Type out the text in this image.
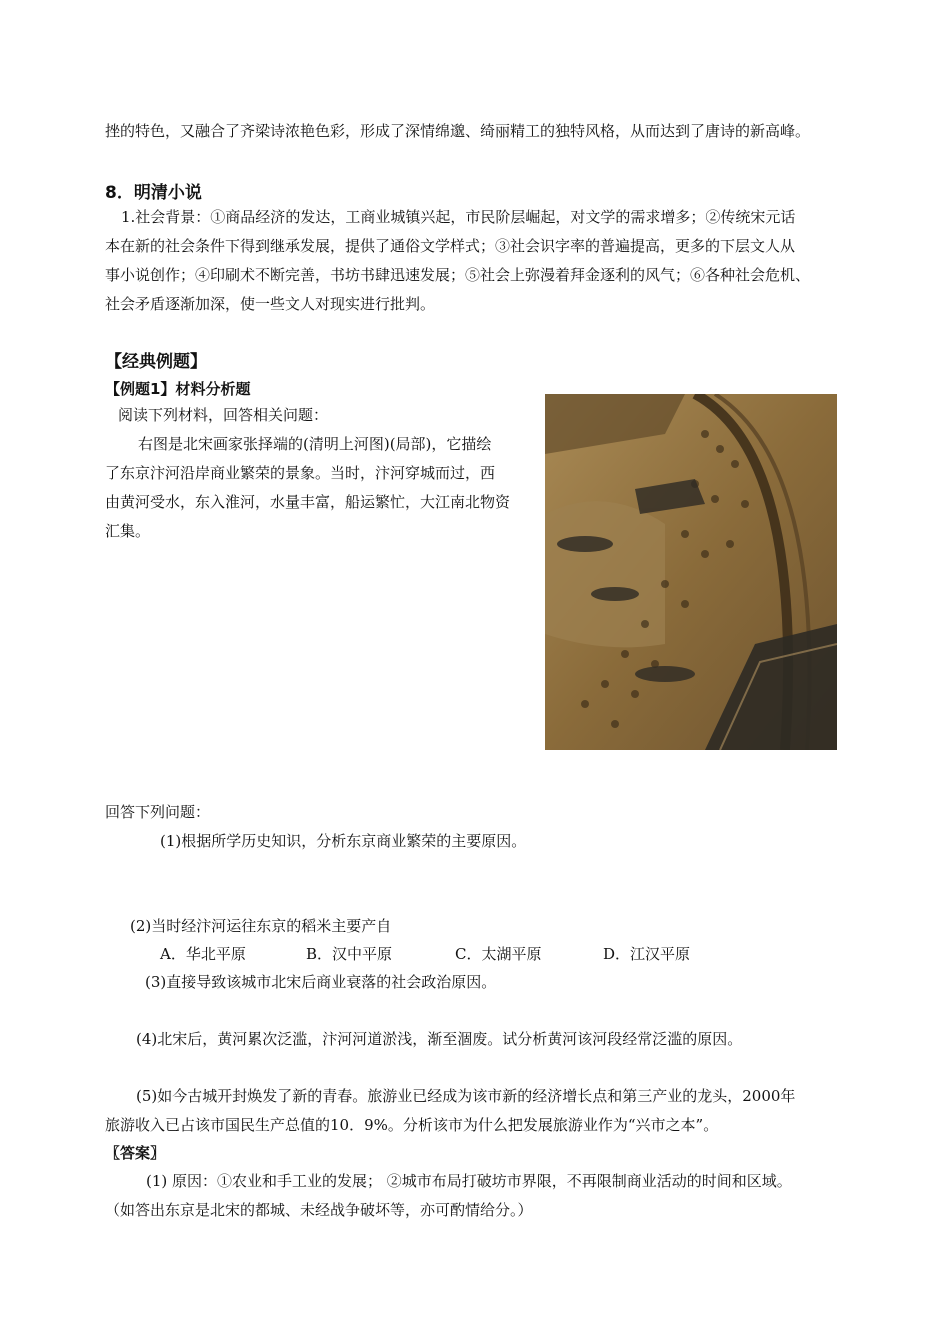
挫的特色，又融合了齐梁诗浓艳色彩，形成了深情绵邈、绮丽精工的独特风格，从而达到了唐诗的新高峰。
8．明清小说
1.社会背景：①商品经济的发达，工商业城镇兴起，市民阶层崛起，对文学的需求增多；②传统宋元话
本在新的社会条件下得到继承发展，提供了通俗文学样式；③社会识字率的普遍提高，更多的下层文人从
事小说创作；④印刷术不断完善，书坊书肆迅速发展；⑤社会上弥漫着拜金逐利的风气；⑥各种社会危机、
社会矛盾逐渐加深，使一些文人对现实进行批判。
【经典例题】
【例题1】材料分析题
阅读下列材料，回答相关问题：
右图是北宋画家张择端的(清明上河图)(局部)，它描绘
了东京汴河沿岸商业繁荣的景象。当时，汴河穿城而过，西
由黄河受水，东入淮河，水量丰富，船运繁忙，大江南北物资
汇集。
回答下列问题：
(1)根据所学历史知识，分析东京商业繁荣的主要原因。
(2)当时经汴河运往东京的稻米主要产自
A．华北平原	B．汉中平原	C．太湖平原	D．江汉平原
(3)直接导致该城市北宋后商业衰落的社会政治原因。
(4)北宋后，黄河累次泛滥，汴河河道淤浅，渐至涸废。试分析黄河该河段经常泛滥的原因。
(5)如今古城开封焕发了新的青春。旅游业已经成为该市新的经济增长点和第三产业的龙头，2000年
旅游收入已占该市国民生产总值的10．9%。分析该市为什么把发展旅游业作为“兴市之本”。
〖答案〗
(1) 原因：①农业和手工业的发展； ②城市布局打破坊市界限，不再限制商业活动的时间和区域。
（如答出东京是北宋的都城、未经战争破坏等，亦可酌情给分。）
